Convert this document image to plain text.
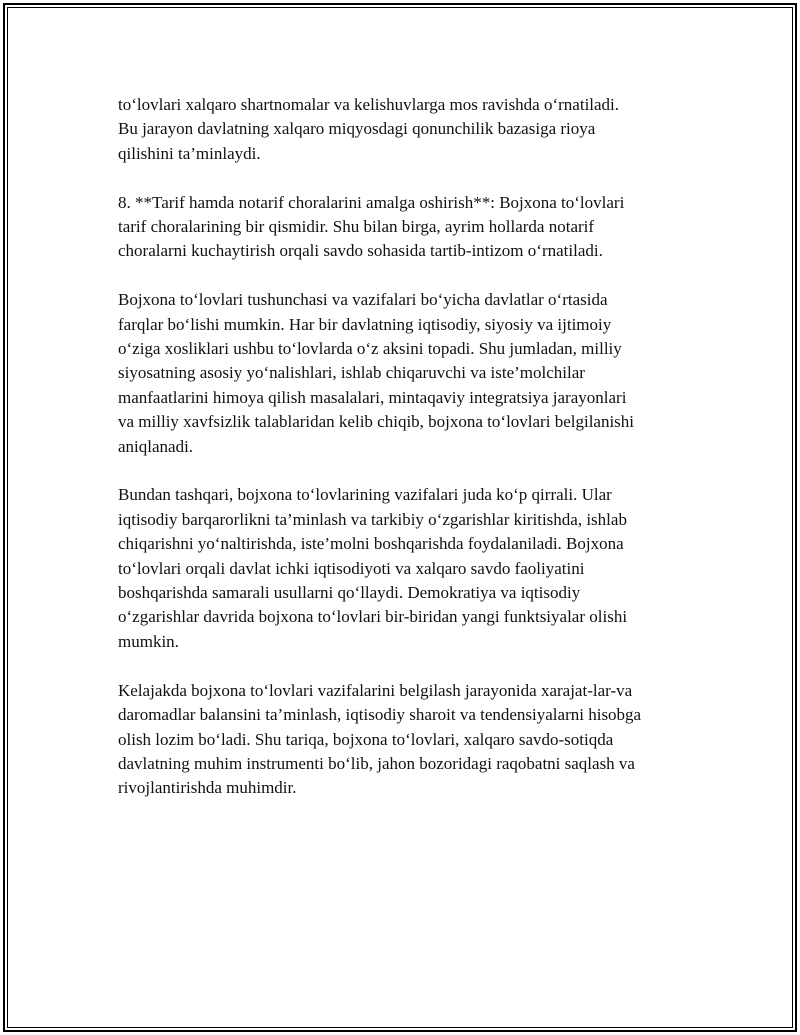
to‘lovlari xalqaro shartnomalar va kelishuvlarga mos ravishda o‘rnatiladi.
Bu jarayon davlatning xalqaro miqyosdagi qonunchilik bazasiga rioya
qilishini ta’minlaydi.

8. **Tarif hamda notarif choralarini amalga oshirish**: Bojxona to‘lovlari
tarif choralarining bir qismidir. Shu bilan birga, ayrim hollarda notarif
choralarni kuchaytirish orqali savdo sohasida tartib-intizom o‘rnatiladi.

Bojxona to‘lovlari tushunchasi va vazifalari bo‘yicha davlatlar o‘rtasida
farqlar bo‘lishi mumkin. Har bir davlatning iqtisodiy, siyosiy va ijtimoiy
o‘ziga xosliklari ushbu to‘lovlarda o‘z aksini topadi. Shu jumladan, milliy
siyosatning asosiy yo‘nalishlari, ishlab chiqaruvchi va iste’molchilar
manfaatlarini himoya qilish masalalari, mintaqaviy integratsiya jarayonlari
va milliy xavfsizlik talablaridan kelib chiqib, bojxona to‘lovlari belgilanishi
aniqlanadi.

Bundan tashqari, bojxona to‘lovlarining vazifalari juda ko‘p qirrali. Ular
iqtisodiy barqarorlikni ta’minlash va tarkibiy o‘zgarishlar kiritishda, ishlab
chiqarishni yo‘naltirishda, iste’molni boshqarishda foydalaniladi. Bojxona
to‘lovlari orqali davlat ichki iqtisodiyoti va xalqaro savdo faoliyatini
boshqarishda samarali usullarni qo‘llaydi. Demokratiya va iqtisodiy
o‘zgarishlar davrida bojxona to‘lovlari bir-biridan yangi funktsiyalar olishi
mumkin.

Kelajakda bojxona to‘lovlari vazifalarini belgilash jarayonida xarajat-lar-va
daromadlar balansini ta’minlash, iqtisodiy sharoit va tendensiyalarni hisobga
olish lozim bo‘ladi. Shu tariqa, bojxona to‘lovlari, xalqaro savdo-sotiqda
davlatning muhim instrumenti bo‘lib, jahon bozoridagi raqobatni saqlash va
rivojlantirishda muhimdir.
